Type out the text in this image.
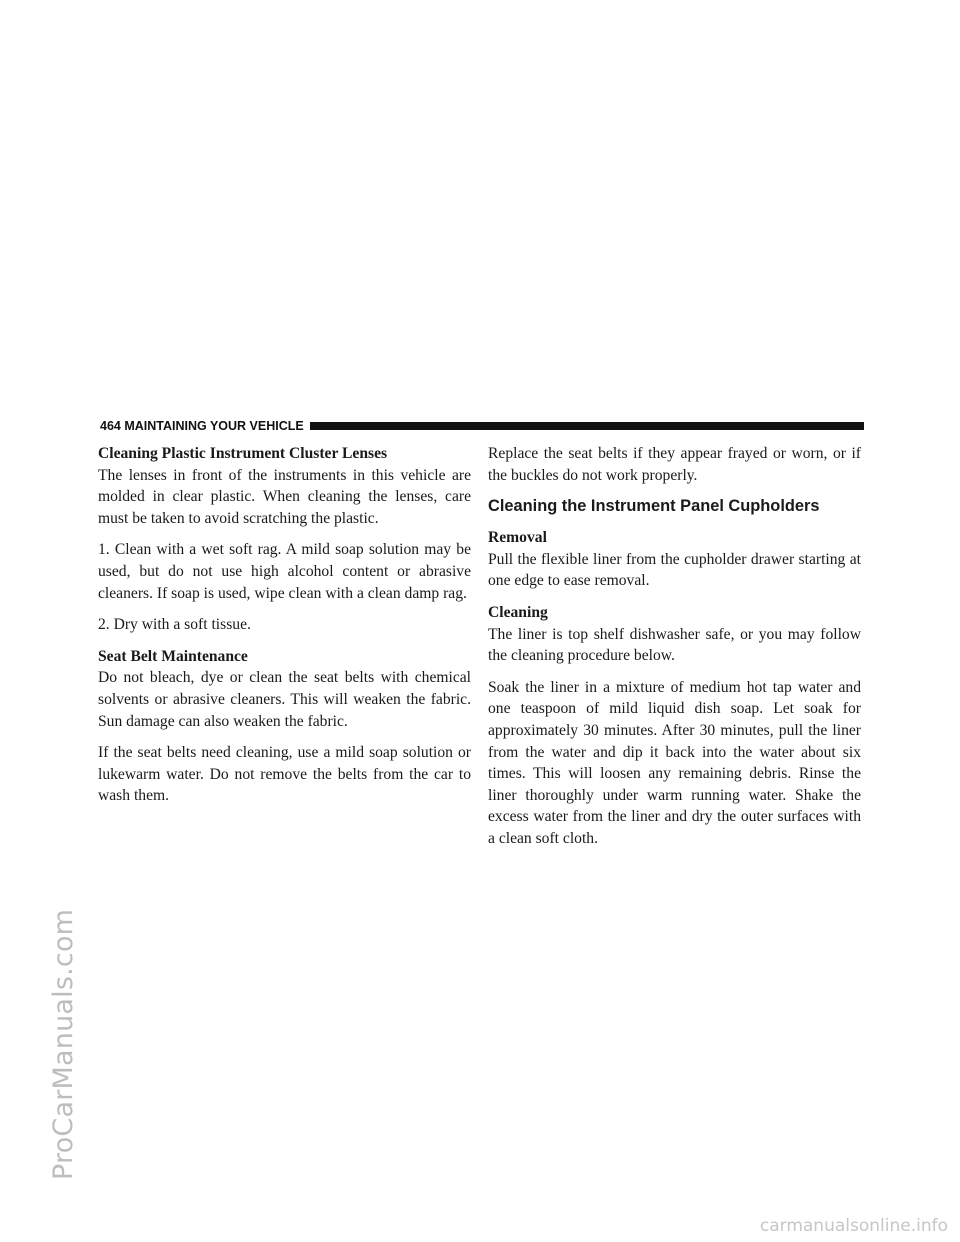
ProCarManuals.com
464 MAINTAINING YOUR VEHICLE
Cleaning Plastic Instrument Cluster Lenses

The lenses in front of the instruments in this vehicle are molded in clear plastic. When cleaning the lenses, care must be taken to avoid scratching the plastic.

1. Clean with a wet soft rag. A mild soap solution may be used, but do not use high alcohol content or abrasive cleaners. If soap is used, wipe clean with a clean damp rag.

2. Dry with a soft tissue.

Seat Belt Maintenance

Do not bleach, dye or clean the seat belts with chemical solvents or abrasive cleaners. This will weaken the fabric. Sun damage can also weaken the fabric.

If the seat belts need cleaning, use a mild soap solution or lukewarm water. Do not remove the belts from the car to wash them.

Replace the seat belts if they appear frayed or worn, or if the buckles do not work properly.

Cleaning the Instrument Panel Cupholders
Removal

Pull the flexible liner from the cupholder drawer starting at one edge to ease removal.

Cleaning

The liner is top shelf dishwasher safe, or you may follow the cleaning procedure below.

Soak the liner in a mixture of medium hot tap water and one teaspoon of mild liquid dish soap. Let soak for approximately 30 minutes. After 30 minutes, pull the liner from the water and dip it back into the water about six times. This will loosen any remaining debris. Rinse the liner thoroughly under warm running water. Shake the excess water from the liner and dry the outer surfaces with a clean soft cloth.

carmanualsonline.info
